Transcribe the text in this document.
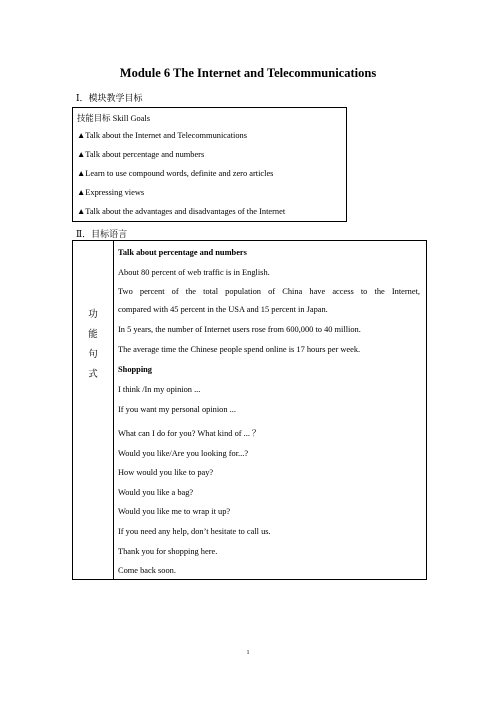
Module 6 The Internet and Telecommunications
Ⅰ．模块教学目标
技能目标 Skill Goals
▲Talk about the Internet and Telecommunications
▲Talk about percentage and numbers
▲Learn to use compound words, definite and zero articles
▲Expressing views
▲Talk about the advantages and disadvantages of the Internet
Ⅱ．目标语言
功
能
句
式
Talk about percentage and numbers
About 80 percent of web traffic is in English.
Two percent of the total population of China have access to the Internet,
compared with 45 percent in the USA and 15 percent in Japan.
In 5 years, the number of Internet users rose from 600,000 to 40 million.
The average time the Chinese people spend online is 17 hours per week.
Shopping
I think /In my opinion ...
If you want my personal opinion ...
What can I do for you? What kind of ... ？
Would you like/Are you looking for...?
How would you like to pay?
Would you like a bag?
Would you like me to wrap it up?
If you need any help, don’t hesitate to call us.
Thank you for shopping here.
Come back soon.
1
